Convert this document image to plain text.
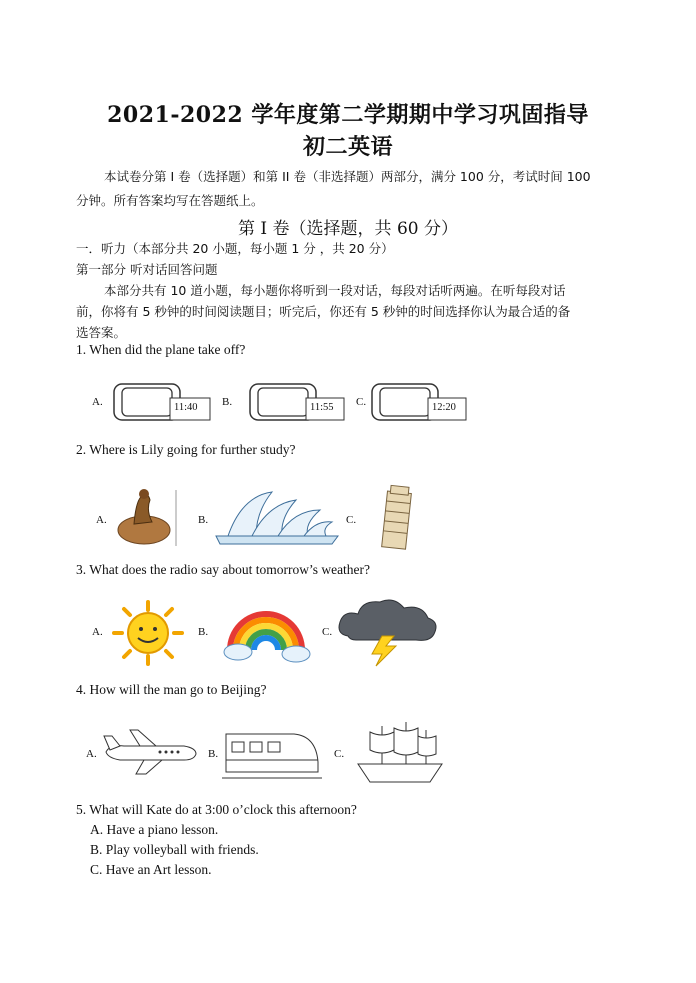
2021-2022 学年度第二学期期中学习巩固指导
初二英语
本试卷分第 I 卷（选择题）和第 II 卷（非选择题）两部分，满分 100 分，考试时间 100
分钟。所有答案均写在答题纸上。
第 I 卷（选择题，共 60 分）
一．听力（本部分共 20 小题，每小题 1 分 ，共 20 分）
第一部分 听对话回答问题
本部分共有 10 道小题，每小题你将听到一段对话，每段对话听两遍。在听每段对话
前，你将有 5 秒钟的时间阅读题目；听完后，你还有 5 秒钟的时间选择你认为最合适的备
选答案。
1. When did the plane take off?
A.	11:40 B.	11:55 C.	12:20
2. Where is Lily going for further study?
A.	B.	C.
3. What does the radio say about tomorrow’s weather?
A.	B.	C.
4. How will the man go to Beijing?
A.	B.	C.
5. What will Kate do at 3:00 o’clock this afternoon?
A. Have a piano lesson.
B. Play volleyball with friends.
C. Have an Art lesson.
